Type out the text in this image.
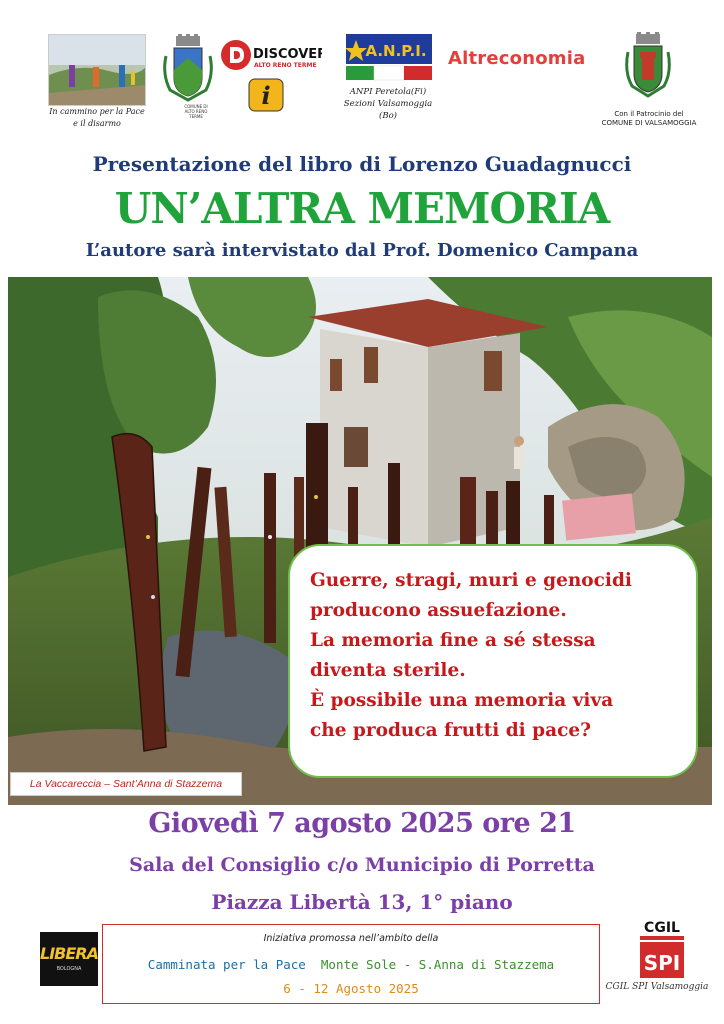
In cammino per la Pace
e il disarmo
COMUNE DI ALTO RENO TERME
DISCOVER
ALTO RENO TERME
i
A.N.P.I.
ANPI Peretola(Fi)
Sezioni Valsamoggia (Bo)
Altreconomia
Con il Patrocinio del
COMUNE DI VALSAMOGGIA
Presentazione del libro di Lorenzo Guadagnucci
UN’ALTRA MEMORIA
L’autore sarà intervistato dal Prof. Domenico Campana
La Vaccareccia – Sant’Anna di Stazzema
Guerre, stragi, muri e genocidi
producono assuefazione.
La memoria fine a sé stessa
diventa sterile.
È possibile una memoria viva
che produca frutti di pace?
Giovedì 7 agosto 2025 ore 21
Sala del Consiglio c/o Municipio di Porretta
Piazza Libertà 13, 1° piano
LIBERA
BOLOGNA
Iniziativa promossa nell’ambito della
Camminata per la Pace Monte Sole - S.Anna di Stazzema
6 - 12 Agosto 2025
CGIL
SPI
CGIL SPI Valsamoggia
